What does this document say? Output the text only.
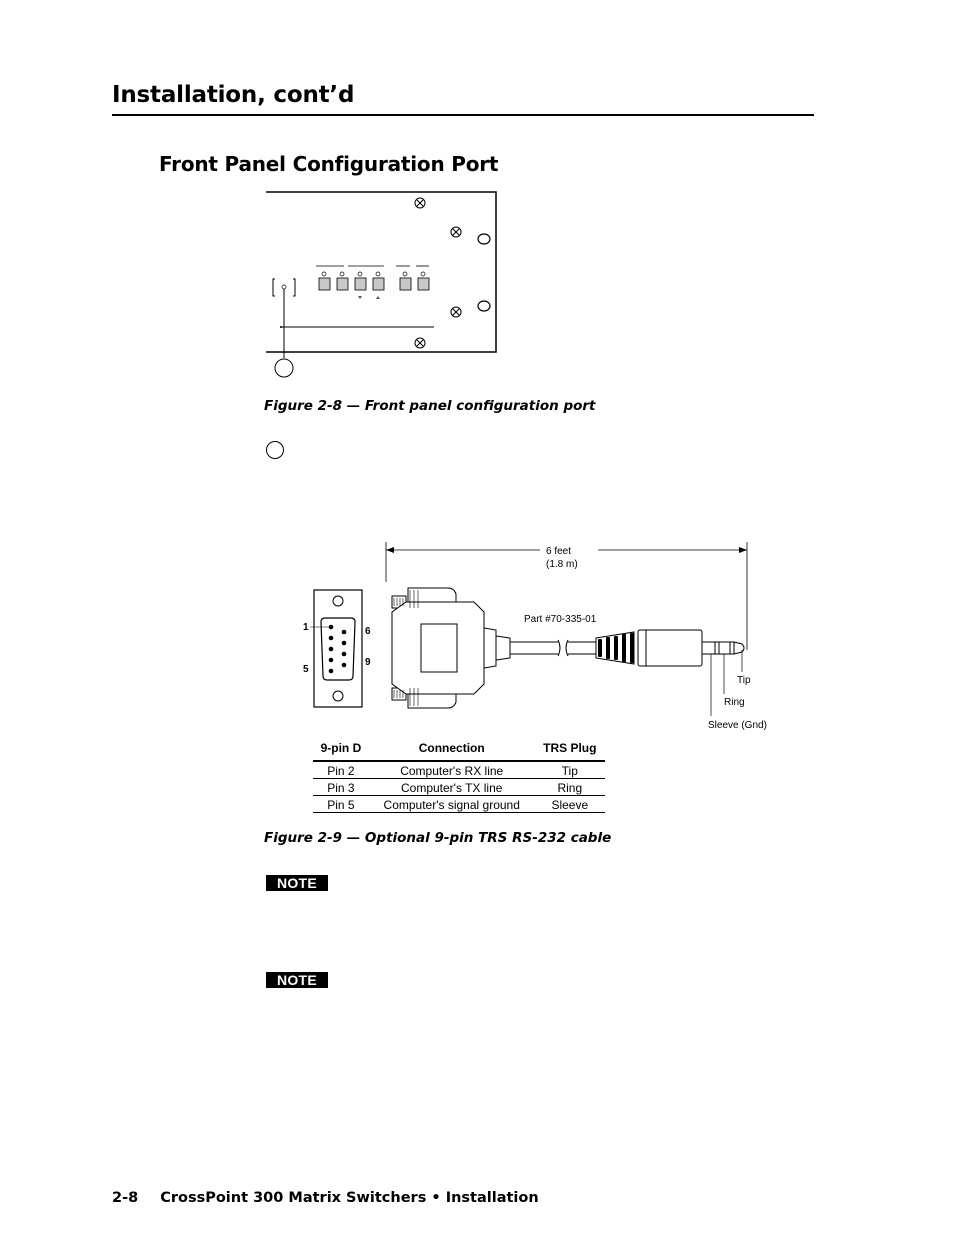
Installation, cont’d
Front Panel Configuration Port
Figure 2-8 — Front panel configuration port
6 feet
(1.8 m)
Part #70-335-01
1
5
6
9
Tip
Ring
Sleeve (Gnd)
9-pin D	Connection	TRS Plug
Pin 2	Computer's RX line	Tip
Pin 3	Computer's TX line	Ring
Pin 5	Computer's signal ground	Sleeve
Figure 2-9 — Optional 9-pin TRS RS-232 cable
NOTE
NOTE
2-8 CrossPoint 300 Matrix Switchers • Installation
